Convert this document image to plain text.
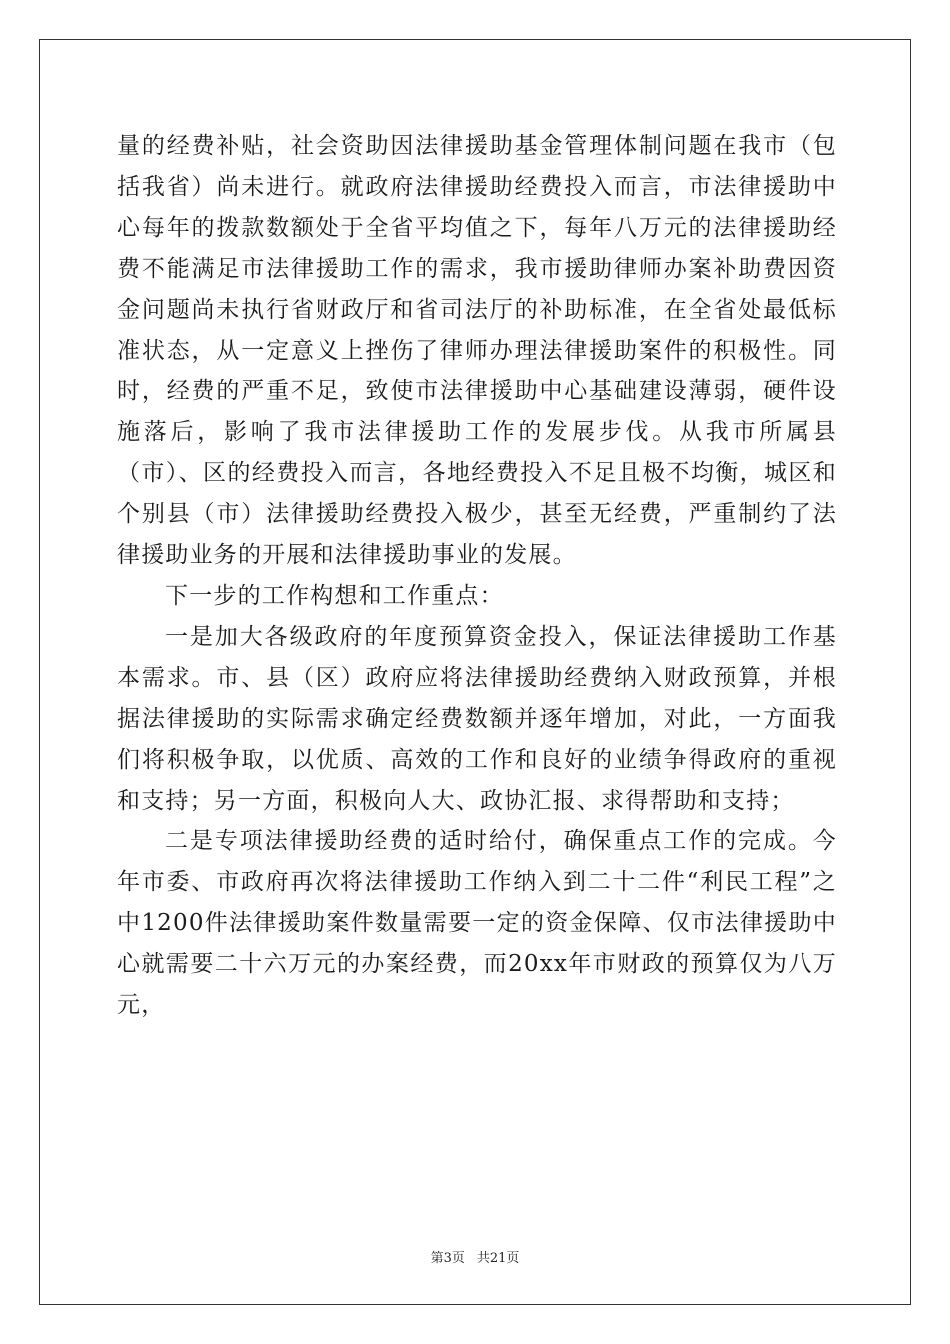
量的经费补贴，社会资助因法律援助基金管理体制问题在我市（包括我省）尚未进行。就政府法律援助经费投入而言，市法律援助中心每年的拨款数额处于全省平均值之下，每年八万元的法律援助经费不能满足市法律援助工作的需求，我市援助律师办案补助费因资金问题尚未执行省财政厅和省司法厅的补助标准，在全省处最低标准状态，从一定意义上挫伤了律师办理法律援助案件的积极性。同时，经费的严重不足，致使市法律援助中心基础建设薄弱，硬件设施落后，影响了我市法律援助工作的发展步伐。从我市所属县（市）、区的经费投入而言，各地经费投入不足且极不均衡，城区和个别县（市）法律援助经费投入极少，甚至无经费，严重制约了法律援助业务的开展和法律援助事业的发展。

下一步的工作构想和工作重点：

一是加大各级政府的年度预算资金投入，保证法律援助工作基本需求。市、县（区）政府应将法律援助经费纳入财政预算，并根据法律援助的实际需求确定经费数额并逐年增加，对此，一方面我们将积极争取，以优质、高效的工作和良好的业绩争得政府的重视和支持；另一方面，积极向人大、政协汇报、求得帮助和支持；

二是专项法律援助经费的适时给付，确保重点工作的完成。今年市委、市政府再次将法律援助工作纳入到二十二件“利民工程”之中1200件法律援助案件数量需要一定的资金保障、仅市法律援助中心就需要二十六万元的办案经费，而20xx年市财政的预算仅为八万元，

第3页 共21页
